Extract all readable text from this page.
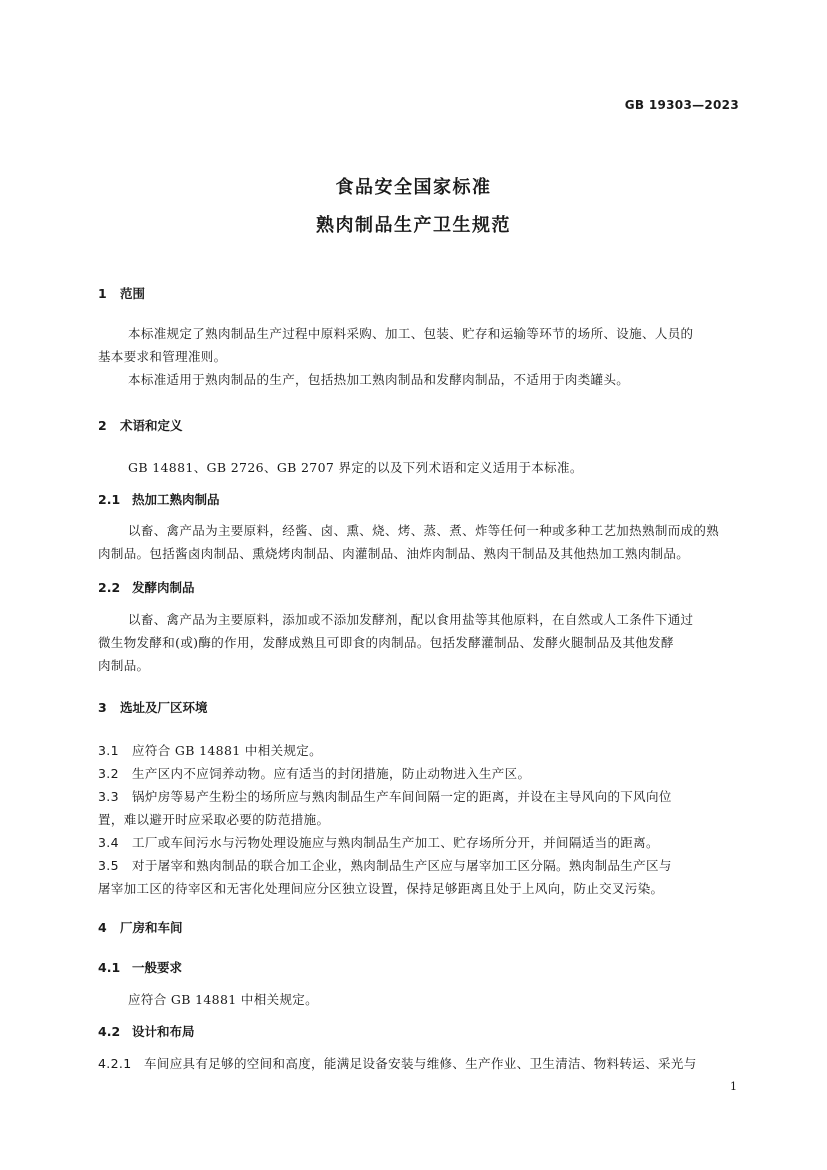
GB 19303—2023
食品安全国家标准
熟肉制品生产卫生规范
1 范围
本标准规定了熟肉制品生产过程中原料采购、加工、包装、贮存和运输等环节的场所、设施、人员的
基本要求和管理准则。
本标准适用于熟肉制品的生产，包括热加工熟肉制品和发酵肉制品，不适用于肉类罐头。
2 术语和定义
GB 14881、GB 2726、GB 2707 界定的以及下列术语和定义适用于本标准。
2.1 热加工熟肉制品
以畜、禽产品为主要原料，经酱、卤、熏、烧、烤、蒸、煮、炸等任何一种或多种工艺加热熟制而成的熟
肉制品。包括酱卤肉制品、熏烧烤肉制品、肉灌制品、油炸肉制品、熟肉干制品及其他热加工熟肉制品。
2.2 发酵肉制品
以畜、禽产品为主要原料，添加或不添加发酵剂，配以食用盐等其他原料，在自然或人工条件下通过
微生物发酵和(或)酶的作用，发酵成熟且可即食的肉制品。包括发酵灌制品、发酵火腿制品及其他发酵
肉制品。
3 选址及厂区环境
3.1 应符合 GB 14881 中相关规定。
3.2 生产区内不应饲养动物。应有适当的封闭措施，防止动物进入生产区。
3.3 锅炉房等易产生粉尘的场所应与熟肉制品生产车间间隔一定的距离，并设在主导风向的下风向位
置，难以避开时应采取必要的防范措施。
3.4 工厂或车间污水与污物处理设施应与熟肉制品生产加工、贮存场所分开，并间隔适当的距离。
3.5 对于屠宰和熟肉制品的联合加工企业，熟肉制品生产区应与屠宰加工区分隔。熟肉制品生产区与
屠宰加工区的待宰区和无害化处理间应分区独立设置，保持足够距离且处于上风向，防止交叉污染。
4 厂房和车间
4.1 一般要求
应符合 GB 14881 中相关规定。
4.2 设计和布局
4.2.1 车间应具有足够的空间和高度，能满足设备安装与维修、生产作业、卫生清洁、物料转运、采光与
1
